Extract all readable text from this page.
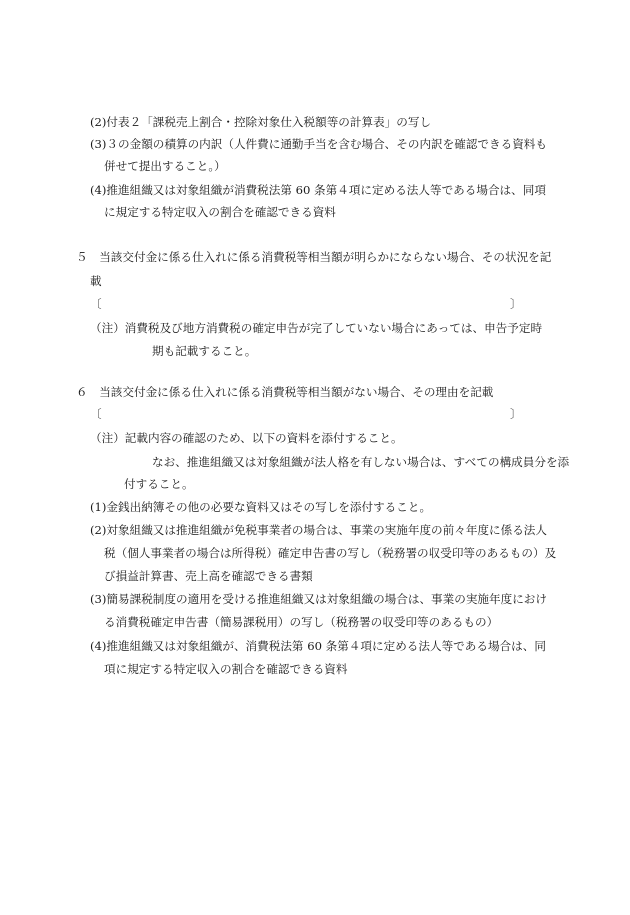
(2)付表２「課税売上割合・控除対象仕入税額等の計算表」の写し
(3)３の金額の積算の内訳（人件費に通勤手当を含む場合、その内訳を確認できる資料も
併せて提出すること。）
(4)推進組織又は対象組織が消費税法第 60 条第４項に定める法人等である場合は、同項
に規定する特定収入の割合を確認できる資料
５　当該交付金に係る仕入れに係る消費税等相当額が明らかにならない場合、その状況を記
載
〔	〕
（注）消費税及び地方消費税の確定申告が完了していない場合にあっては、申告予定時
期も記載すること。
６　当該交付金に係る仕入れに係る消費税等相当額がない場合、その理由を記載
〔	〕
（注）記載内容の確認のため、以下の資料を添付すること。
なお、推進組織又は対象組織が法人格を有しない場合は、すべての構成員分を添
付すること。
(1)金銭出納簿その他の必要な資料又はその写しを添付すること。
(2)対象組織又は推進組織が免税事業者の場合は、事業の実施年度の前々年度に係る法人
税（個人事業者の場合は所得税）確定申告書の写し（税務署の収受印等のあるもの）及
び損益計算書、売上高を確認できる書類
(3)簡易課税制度の適用を受ける推進組織又は対象組織の場合は、事業の実施年度におけ
る消費税確定申告書（簡易課税用）の写し（税務署の収受印等のあるもの）
(4)推進組織又は対象組織が、消費税法第 60 条第４項に定める法人等である場合は、同
項に規定する特定収入の割合を確認できる資料
